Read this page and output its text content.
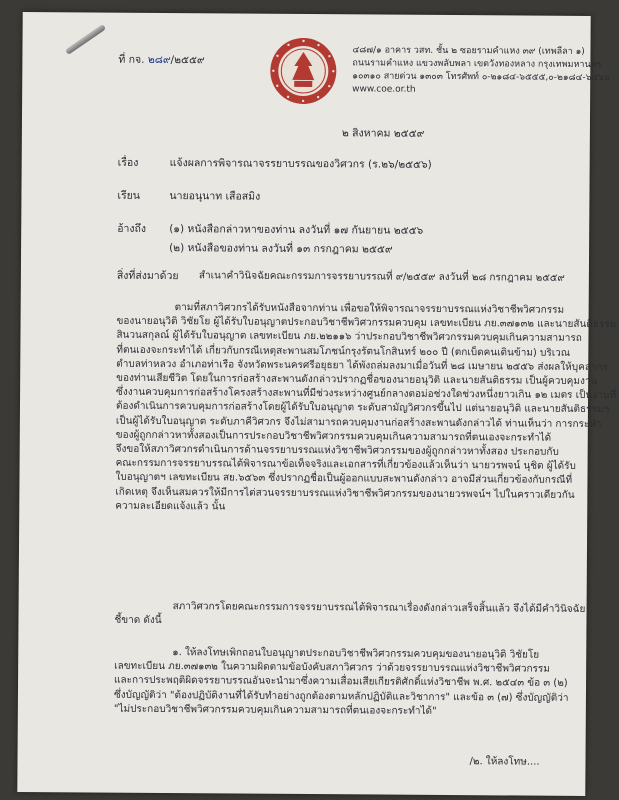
ที่ กจ. ๒๘๙/๒๕๕๙
๔๘๗/๑ อาคาร วสท. ชั้น ๒ ซอยรามคำแหง ๓๙ (เทพลีลา ๑)
ถนนรามคำแหง แขวงพลับพลา เขตวังทองหลาง กรุงเทพมหานคร
๑๐๓๑๐ สายด่วน ๑๓๐๓ โทรศัพท์ ๐-๒๑๘๔-๖๕๕๕,๐-๒๑๘๔-๖๕๖๖
www.coe.or.th
๒ สิงหาคม ๒๕๕๙
เรื่อง	แจ้งผลการพิจารณาจรรยาบรรณของวิศวกร (ร.๒๖/๒๕๕๖)
เรียน	นายอนุนาท เสือสมิง
อ้างถึง (๑) หนังสือกล่าวหาของท่าน ลงวันที่ ๑๗ กันยายน ๒๕๕๖
(๒) หนังสือของท่าน ลงวันที่ ๑๓ กรกฎาคม ๒๕๕๙
สิ่งที่ส่งมาด้วย สำเนาคำวินิจฉัยคณะกรรมการจรรยาบรรณที่ ๙/๒๕๕๙ ลงวันที่ ๒๘ กรกฎาคม ๒๕๕๙
ตามที่สภาวิศวกรได้รับหนังสือจากท่าน เพื่อขอให้พิจารณาจรรยาบรรณแห่งวิชาชีพวิศวกรรม
ของนายอนุวิติ วิชัยโย ผู้ได้รับใบอนุญาตประกอบวิชาชีพวิศวกรรมควบคุม เลขทะเบียน ภย.๓๗๑๓๒ และนายสันติธรรม
สินวนสกุลณ์ ผู้ได้รับใบอนุญาต เลขทะเบียน ภย.๒๒๑๑๖ ว่าประกอบวิชาชีพวิศวกรรมควบคุมเกินความสามารถ
ที่ตนเองจะกระทำได้ เกี่ยวกับกรณีเหตุสะพานสมโภชน์กรุงรัตนโกสินทร์ ๒๐๐ ปี (ตกเบ็ดคนเดินข้าม) บริเวณ
ตำบลท่าหลวง อำเภอท่าเรือ จังหวัดพระนครศรีอยุธยา ได้พังถล่มลงมาเมื่อวันที่ ๒๘ เมษายน ๒๕๕๖ ส่งผลให้บุคลากร
ของท่านเสียชีวิต โดยในการก่อสร้างสะพานดังกล่าวปรากฏชื่อของนายอนุวิติ และนายสันติธรรม เป็นผู้ควบคุมงาน
ซึ่งงานควบคุมการก่อสร้างโครงสร้างสะพานที่มีช่วงระหว่างศูนย์กลางตอม่อช่วงใดช่วงหนึ่งยาวเกิน ๑๒ เมตร เป็นงานที่
ต้องดำเนินการควบคุมการก่อสร้างโดยผู้ได้รับใบอนุญาต ระดับสามัญวิศวกรขึ้นไป แต่นายอนุวิติ และนายสันติธรรมฯ
เป็นผู้ได้รับใบอนุญาต ระดับภาคีวิศวกร จึงไม่สามารถควบคุมงานก่อสร้างสะพานดังกล่าวได้ ท่านเห็นว่า การกระทำ
ของผู้ถูกกล่าวหาทั้งสองเป็นการประกอบวิชาชีพวิศวกรรมควบคุมเกินความสามารถที่ตนเองจะกระทำได้
จึงขอให้สภาวิศวกรดำเนินการด้านจรรยาบรรณแห่งวิชาชีพวิศวกรรมของผู้ถูกกล่าวหาทั้งสอง ประกอบกับ
คณะกรรมการจรรยาบรรณได้พิจารณาข้อเท็จจริงและเอกสารที่เกี่ยวข้องแล้วเห็นว่า นายวรพจน์ นุชิต ผู้ได้รับ
ใบอนุญาตฯ เลขทะเบียน สย.๖๕๖๓ ซึ่งปรากฏชื่อเป็นผู้ออกแบบสะพานดังกล่าว อาจมีส่วนเกี่ยวข้องกับกรณีที่
เกิดเหตุ จึงเห็นสมควรให้มีการไต่สวนจรรยาบรรณแห่งวิชาชีพวิศวกรรมของนายวรพจน์ฯ ไปในคราวเดียวกัน
ความละเอียดแจ้งแล้ว นั้น
สภาวิศวกรโดยคณะกรรมการจรรยาบรรณได้พิจารณาเรื่องดังกล่าวเสร็จสิ้นแล้ว จึงได้มีคำวินิจฉัย
ชี้ขาด ดังนี้
๑. ให้ลงโทษเพิกถอนใบอนุญาตประกอบวิชาชีพวิศวกรรมควบคุมของนายอนุวิติ วิชัยโย
เลขทะเบียน ภย.๓๗๑๓๒ ในความผิดตามข้อบังคับสภาวิศวกร ว่าด้วยจรรยาบรรณแห่งวิชาชีพวิศวกรรม
และการประพฤติผิดจรรยาบรรณอันจะนำมาซึ่งความเสื่อมเสียเกียรติศักดิ์แห่งวิชาชีพ พ.ศ. ๒๕๔๓ ข้อ ๓ (๒)
ซึ่งบัญญัติว่า "ต้องปฏิบัติงานที่ได้รับทำอย่างถูกต้องตามหลักปฏิบัติและวิชาการ" และข้อ ๓ (๗) ซึ่งบัญญัติว่า
"ไม่ประกอบวิชาชีพวิศวกรรมควบคุมเกินความสามารถที่ตนเองจะกระทำได้"
/๒. ให้ลงโทษ....
